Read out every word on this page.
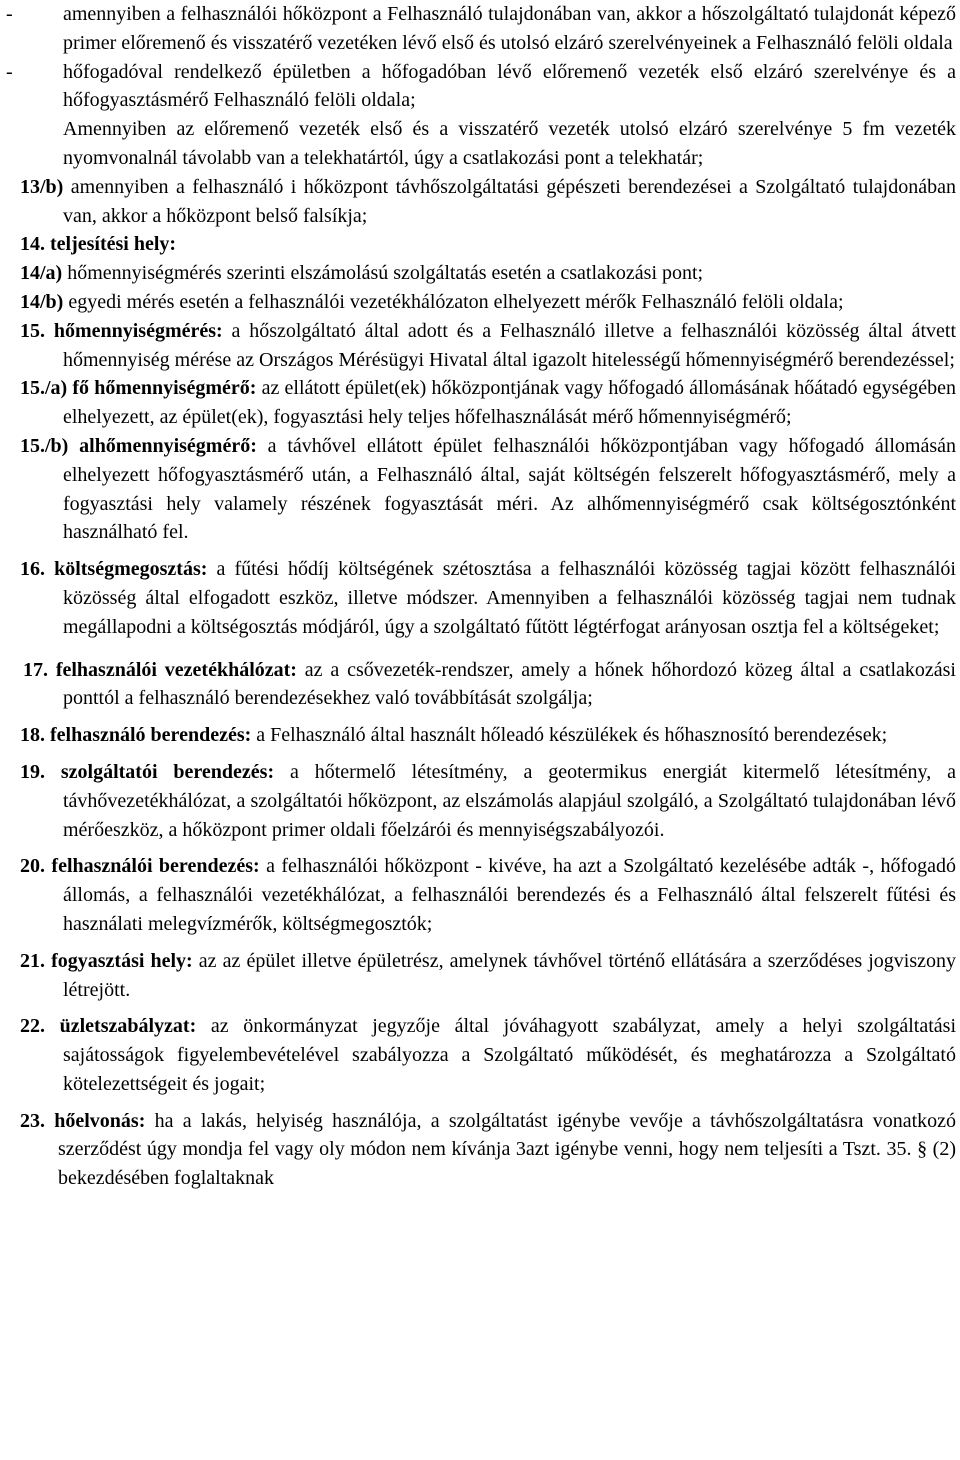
-	amennyiben a felhasználói hőközpont a Felhasználó tulajdonában van, akkor a hőszolgáltató tulajdonát képező primer előremenő és visszatérő vezetéken lévő első és utolsó elzáró szerelvényeinek a Felhasználó felöli oldala

-	hőfogadóval rendelkező épületben a hőfogadóban lévő előremenő vezeték első elzáró szerelvénye és a hőfogyasztásmérő Felhasználó felöli oldala;

Amennyiben az előremenő vezeték első és a visszatérő vezeték utolsó elzáró szerelvénye 5 fm vezeték nyomvonalnál távolabb van a telekhatártól, úgy a csatlakozási pont a telekhatár;

13/b) amennyiben a felhasználó i hőközpont távhőszolgáltatási gépészeti berendezései a Szolgáltató tulajdonában van, akkor a hőközpont belső falsíkja;

14. teljesítési hely:

14/a) hőmennyiségmérés szerinti elszámolású szolgáltatás esetén a csatlakozási pont;

14/b) egyedi mérés esetén a felhasználói vezetékhálózaton elhelyezett mérők Felhasználó felöli oldala;

15. hőmennyiségmérés: a hőszolgáltató által adott és a Felhasználó illetve a felhasználói közösség által átvett hőmennyiség mérése az Országos Mérésügyi Hivatal által igazolt hitelességű hőmennyiségmérő berendezéssel;

15./a) fő hőmennyiségmérő: az ellátott épület(ek) hőközpontjának vagy hőfogadó állomásának hőátadó egységében elhelyezett, az épület(ek), fogyasztási hely teljes hőfelhasználását mérő hőmennyiségmérő;

15./b) alhőmennyiségmérő: a távhővel ellátott épület felhasználói hőközpontjában vagy hőfogadó állomásán elhelyezett hőfogyasztásmérő után, a Felhasználó által, saját költségén felszerelt hőfogyasztásmérő, mely a fogyasztási hely valamely részének fogyasztását méri. Az alhőmennyiségmérő csak költségosztónként használható fel.

16. költségmegosztás: a fűtési hődíj költségének szétosztása a felhasználói közösség tagjai között felhasználói közösség által elfogadott eszköz, illetve módszer. Amennyiben a felhasználói közösség tagjai nem tudnak megállapodni a költségosztás módjáról, úgy a szolgáltató fűtött légtérfogat arányosan osztja fel a költségeket;

17. felhasználói vezetékhálózat: az a csővezeték-rendszer, amely a hőnek hőhordozó közeg által a csatlakozási ponttól a felhasználó berendezésekhez való továbbítását szolgálja;

18. felhasználó berendezés: a Felhasználó által használt hőleadó készülékek és hőhasznosító berendezések;

19. szolgáltatói berendezés: a hőtermelő létesítmény, a geotermikus energiát kitermelő létesítmény, a távhővezetékhálózat, a szolgáltatói hőközpont, az elszámolás alapjául szolgáló, a Szolgáltató tulajdonában lévő mérőeszköz, a hőközpont primer oldali főelzárói és mennyiségszabályozói.

20. felhasználói berendezés: a felhasználói hőközpont - kivéve, ha azt a Szolgáltató kezelésébe adták -, hőfogadó állomás, a felhasználói vezetékhálózat, a felhasználói berendezés és a Felhasználó által felszerelt fűtési és használati melegvízmérők, költségmegosztók;

21. fogyasztási hely: az az épület illetve épületrész, amelynek távhővel történő ellátására a szerződéses jogviszony létrejött.

22. üzletszabályzat: az önkormányzat jegyzője által jóváhagyott szabályzat, amely a helyi szolgáltatási sajátosságok figyelembevételével szabályozza a Szolgáltató működését, és meghatározza a Szolgáltató kötelezettségeit és jogait;

23. hőelvonás: ha a lakás, helyiség használója, a szolgáltatást igénybe vevője a távhőszolgáltatásra vonatkozó szerződést úgy mondja fel vagy oly módon nem kívánja 3azt igénybe venni, hogy nem teljesíti a Tszt. 35. § (2) bekezdésében foglaltaknak
